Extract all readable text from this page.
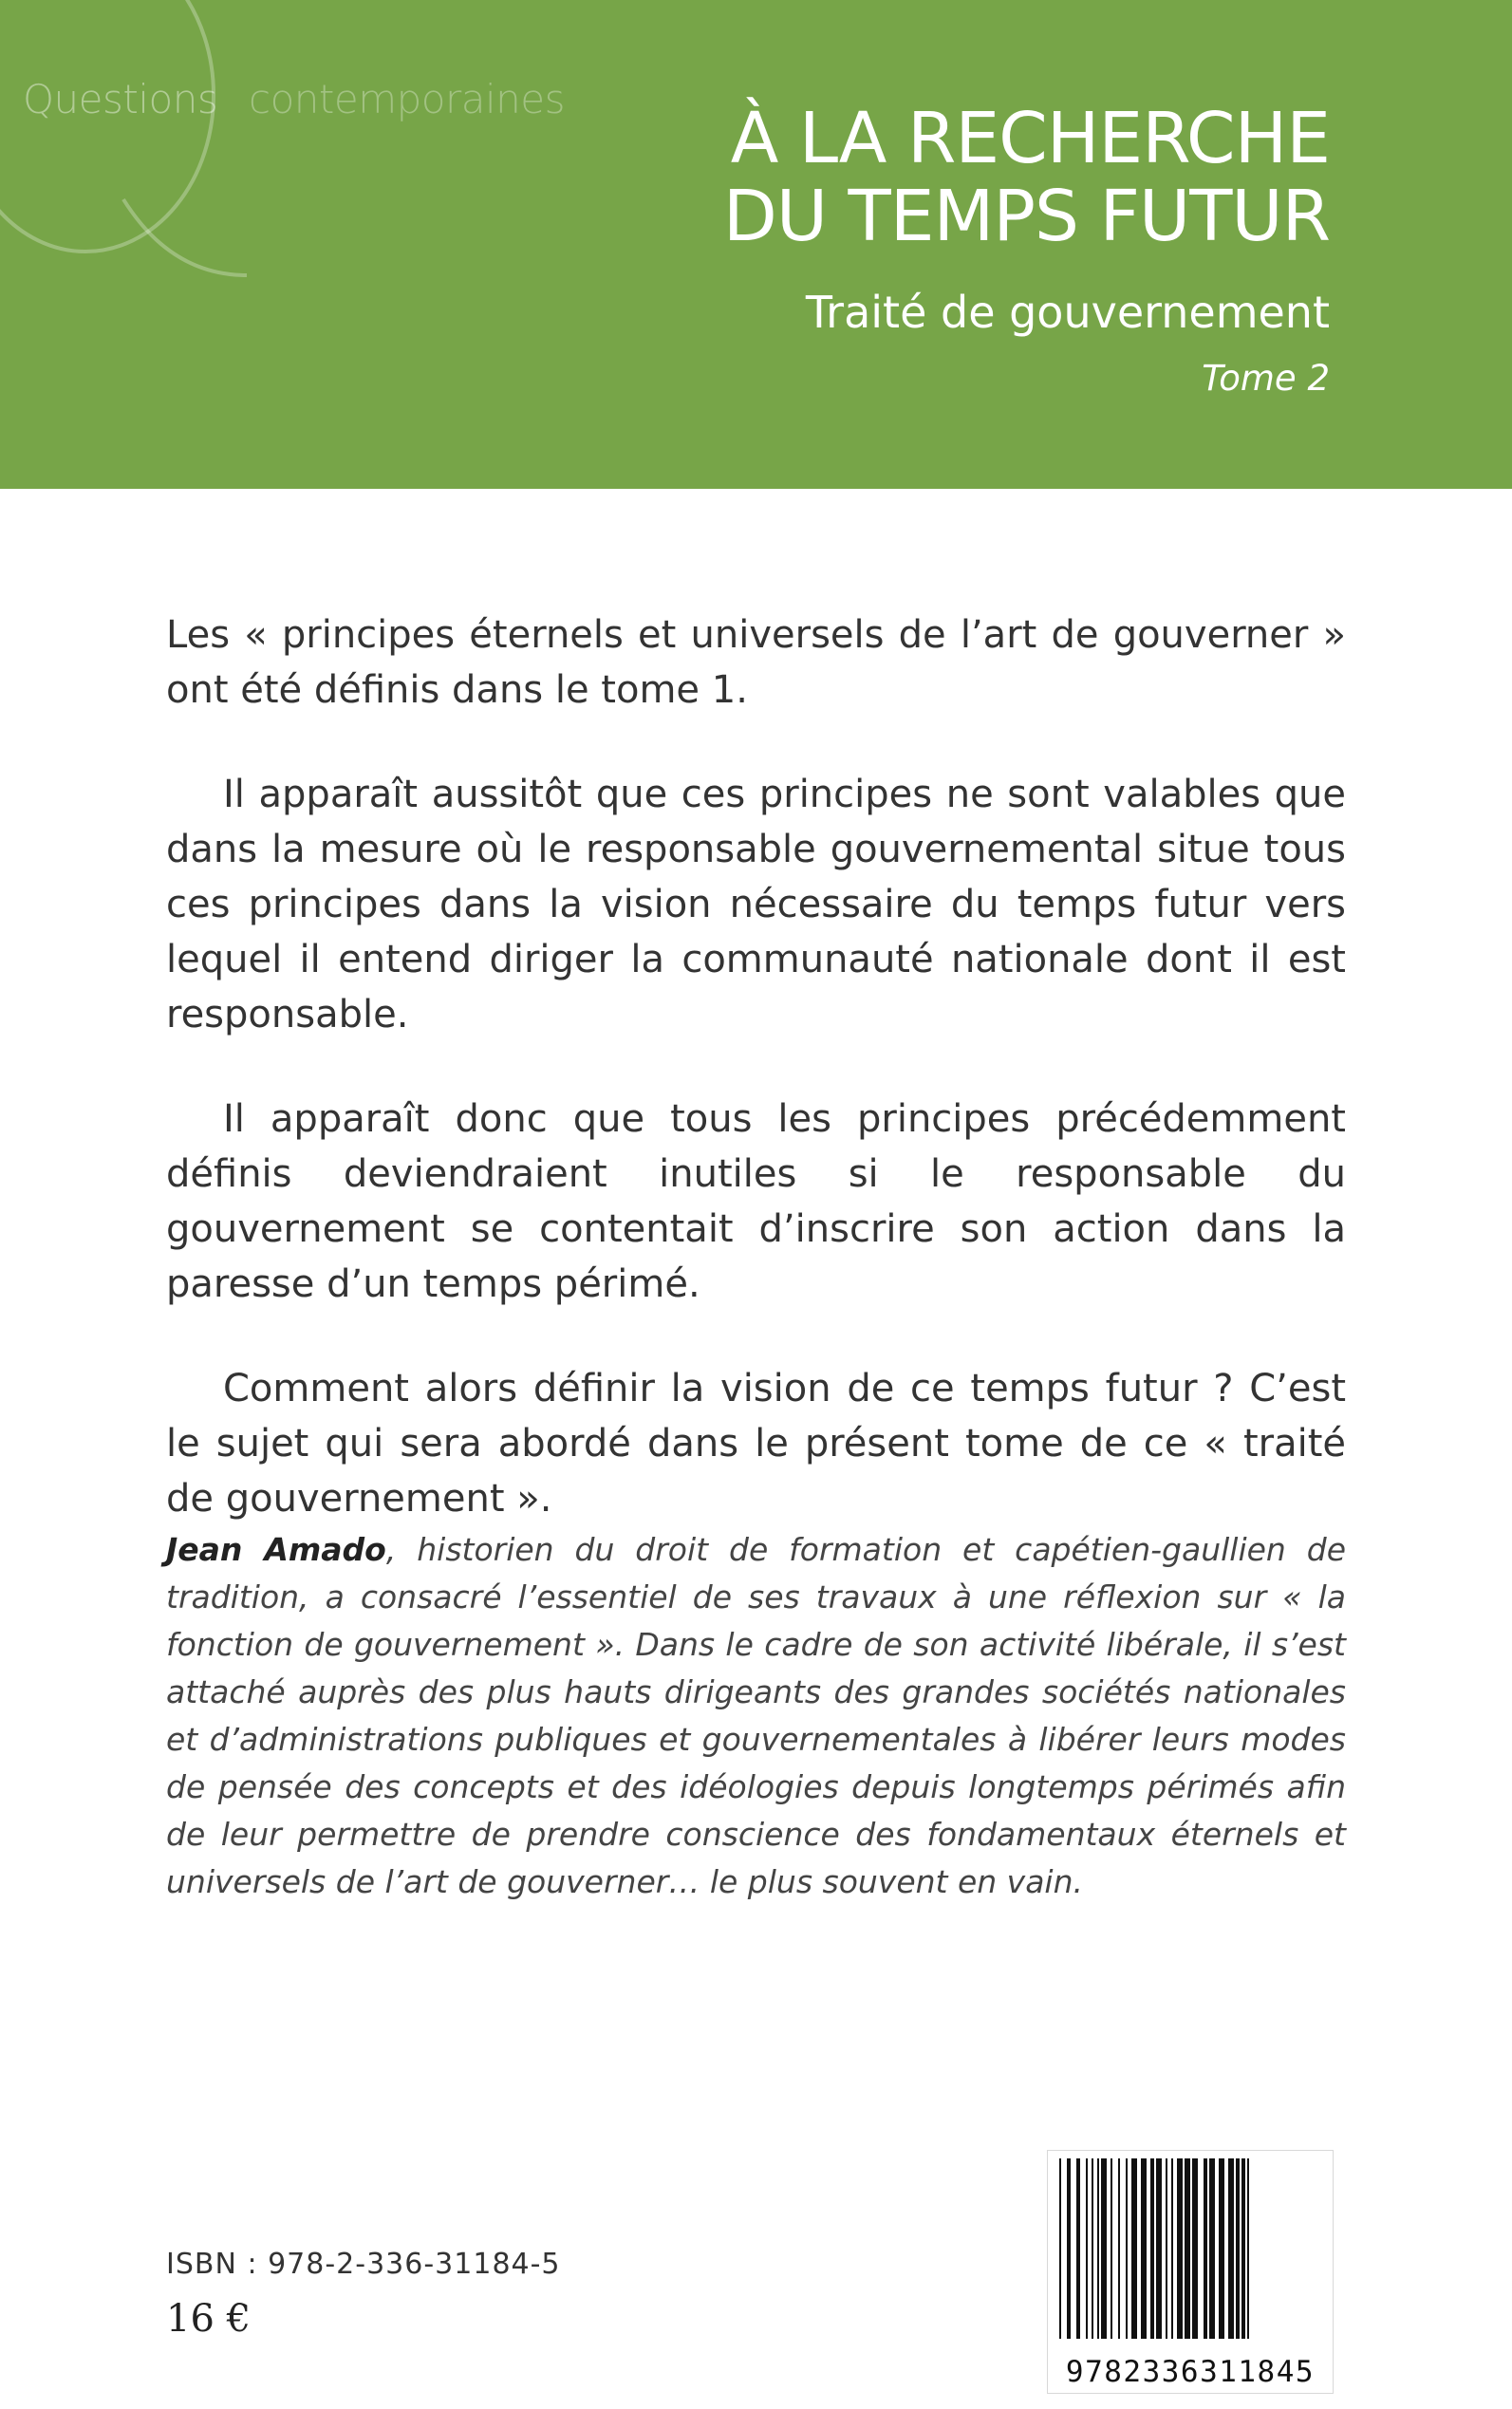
Questions contemporaines À LA RECHERCHE
DU TEMPS FUTUR
Traité de gouvernement
Tome 2

Les « principes éternels et universels de l’art de gouverner » ont été définis dans le tome 1.

Il apparaît aussitôt que ces principes ne sont valables que dans la mesure où le responsable gouvernemental situe tous ces principes dans la vision nécessaire du temps futur vers lequel il entend diriger la communauté nationale dont il est responsable.

Il apparaît donc que tous les principes précédemment définis deviendraient inutiles si le responsable du gouvernement se contentait d’inscrire son action dans la paresse d’un temps périmé.

Comment alors définir la vision de ce temps futur ? C’est le sujet qui sera abordé dans le présent tome de ce « traité de gouvernement ».

Jean Amado, historien du droit de formation et capétien-gaullien de tradition, a consacré l’essentiel de ses travaux à une réflexion sur « la fonction de gouvernement ». Dans le cadre de son activité libérale, il s’est attaché auprès des plus hauts dirigeants des grandes sociétés nationales et d’administrations publiques et gouvernementales à libérer leurs modes de pensée des concepts et des idéologies depuis longtemps périmés afin de leur permettre de prendre conscience des fondamentaux éternels et universels de l’art de gouverner… le plus souvent en vain.
ISBN : 978-2-336-31184-5
16 €
9782336311845
